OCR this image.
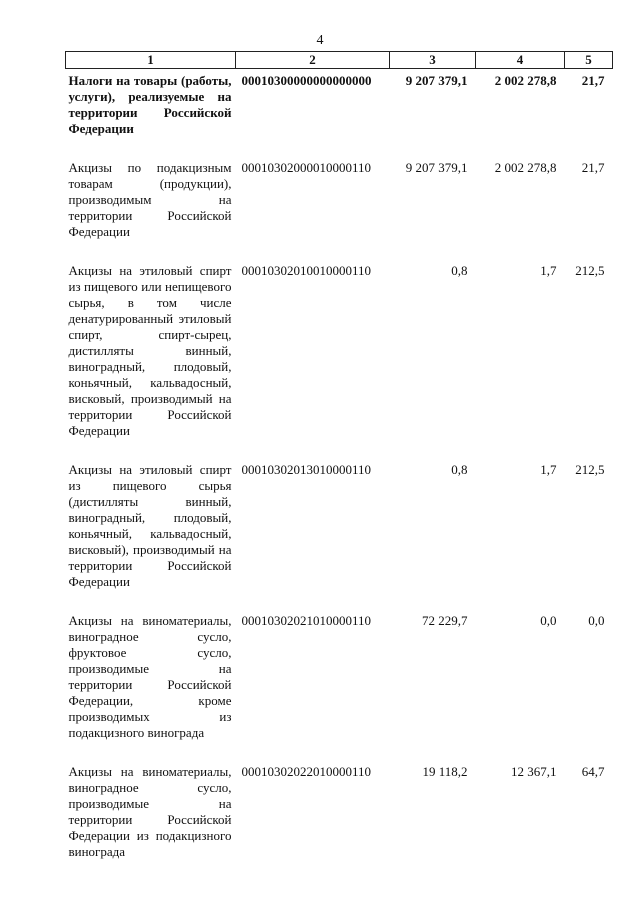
4
1	2	3	4	5
Налоги на товары (работы, услуги), реализуемые на территории Российской Федерации	00010300000000000000	9 207 379,1	2 002 278,8	21,7

Акцизы по подакцизным товарам (продукции), производимым на территории Российской Федерации	00010302000010000110	9 207 379,1	2 002 278,8	21,7

Акцизы на этиловый спирт из пищевого или непищевого сырья, в том числе денатурированный этиловый спирт, спирт-сырец, дистилляты винный, виноградный, плодовый, коньячный, кальвадосный, висковый, производимый на территории Российской Федерации	00010302010010000110	0,8	1,7	212,5

Акцизы на этиловый спирт из пищевого сырья (дистилляты винный, виноградный, плодовый, коньячный, кальвадосный, висковый), производимый на территории Российской Федерации	00010302013010000110	0,8	1,7	212,5

Акцизы на виноматериалы, виноградное сусло, фруктовое сусло, производимые на территории Российской Федерации, кроме производимых из подакцизного винограда	00010302021010000110	72 229,7	0,0	0,0

Акцизы на виноматериалы, виноградное сусло, производимые на территории Российской Федерации из подакцизного винограда	00010302022010000110	19 118,2	12 367,1	64,7
